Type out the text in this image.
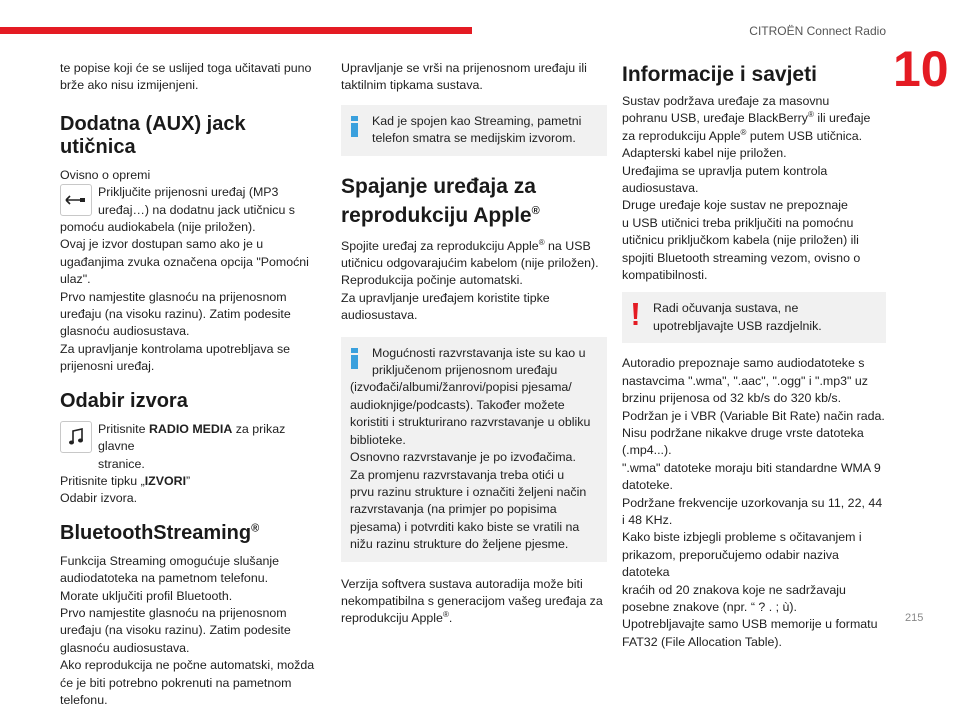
CITROËN Connect Radio
10
215

te popise koji će se uslijed toga učitavati puno
brže ako nisu izmijenjeni.

Dodatna (AUX) jack utičnica

Ovisno o opremi

Priključite prijenosni uređaj (MP3
uređaj…) na dodatnu jack utičnicu s

pomoću audiokabela (nije priložen).
Ovaj je izvor dostupan samo ako je u
ugađanjima zvuka označena opcija "Pomoćni
ulaz".
Prvo namjestite glasnoću na prijenosnom
uređaju (na visoku razinu). Zatim podesite
glasnoću audiosustava.
Za upravljanje kontrolama upotrebljava se
prijenosni uređaj.

Odabir izvora

Pritisnite RADIO MEDIA za prikaz glavne
stranice.

Pritisnite tipku „IZVORI”
Odabir izvora.

BluetoothStreaming®

Funkcija Streaming omogućuje slušanje
audiodatoteka na pametnom telefonu.
Morate uključiti profil Bluetooth.
Prvo namjestite glasnoću na prijenosnom
uređaju (na visoku razinu). Zatim podesite
glasnoću audiosustava.
Ako reprodukcija ne počne automatski, možda
će je biti potrebno pokrenuti na pametnom
telefonu.

Upravljanje se vrši na prijenosnom uređaju ili
taktilnim tipkama sustava.

Kad je spojen kao Streaming, pametni
telefon smatra se medijskim izvorom.

Spajanje uređaja za
reprodukciju Apple®

Spojite uređaj za reprodukciju Apple® na USB
utičnicu odgovarajućim kabelom (nije priložen).
Reprodukcija počinje automatski.
Za upravljanje uređajem koristite tipke
audiosustava.

Mogućnosti razvrstavanja iste su kao u
priključenom prijenosnom uređaju
(izvođači/albumi/žanrovi/popisi pjesama/
audioknjige/podcasts). Također možete
koristiti i strukturirano razvrstavanje u obliku
biblioteke.
Osnovno razvrstavanje je po izvođačima.
Za promjenu razvrstavanja treba otići u
prvu razinu strukture i označiti željeni način
razvrstavanja (na primjer po popisima
pjesama) i potvrditi kako biste se vratili na
nižu razinu strukture do željene pjesme.

Verzija softvera sustava autoradija može biti
nekompatibilna s generacijom vašeg uređaja za
reprodukciju Apple®.

Informacije i savjeti

Sustav podržava uređaje za masovnu
pohranu USB, uređaje BlackBerry® ili uređaje
za reprodukciju Apple® putem USB utičnica.
Adapterski kabel nije priložen.
Uređajima se upravlja putem kontrola
audiosustava.
Druge uređaje koje sustav ne prepoznaje
u USB utičnici treba priključiti na pomoćnu
utičnicu priključkom kabela (nije priložen) ili
spojiti Bluetooth streaming vezom, ovisno o
kompatibilnosti.

Radi očuvanja sustava, ne
upotrebljavajte USB razdjelnik.

Autoradio prepoznaje samo audiodatoteke s
nastavcima ".wma", ".aac", ".ogg" i ".mp3" uz
brzinu prijenosa od 32 kb/s do 320 kb/s.
Podržan je i VBR (Variable Bit Rate) način rada.
Nisu podržane nikakve druge vrste datoteka
(.mp4...).
".wma" datoteke moraju biti standardne WMA 9
datoteke.
Podržane frekvencije uzorkovanja su 11, 22, 44
i 48 KHz.
Kako biste izbjegli probleme s očitavanjem i
prikazom, preporučujemo odabir naziva datoteka
kraćih od 20 znakova koje ne sadržavaju
posebne znakove (npr. “ ? . ; ù).
Upotrebljavajte samo USB memorije u formatu
FAT32 (File Allocation Table).
